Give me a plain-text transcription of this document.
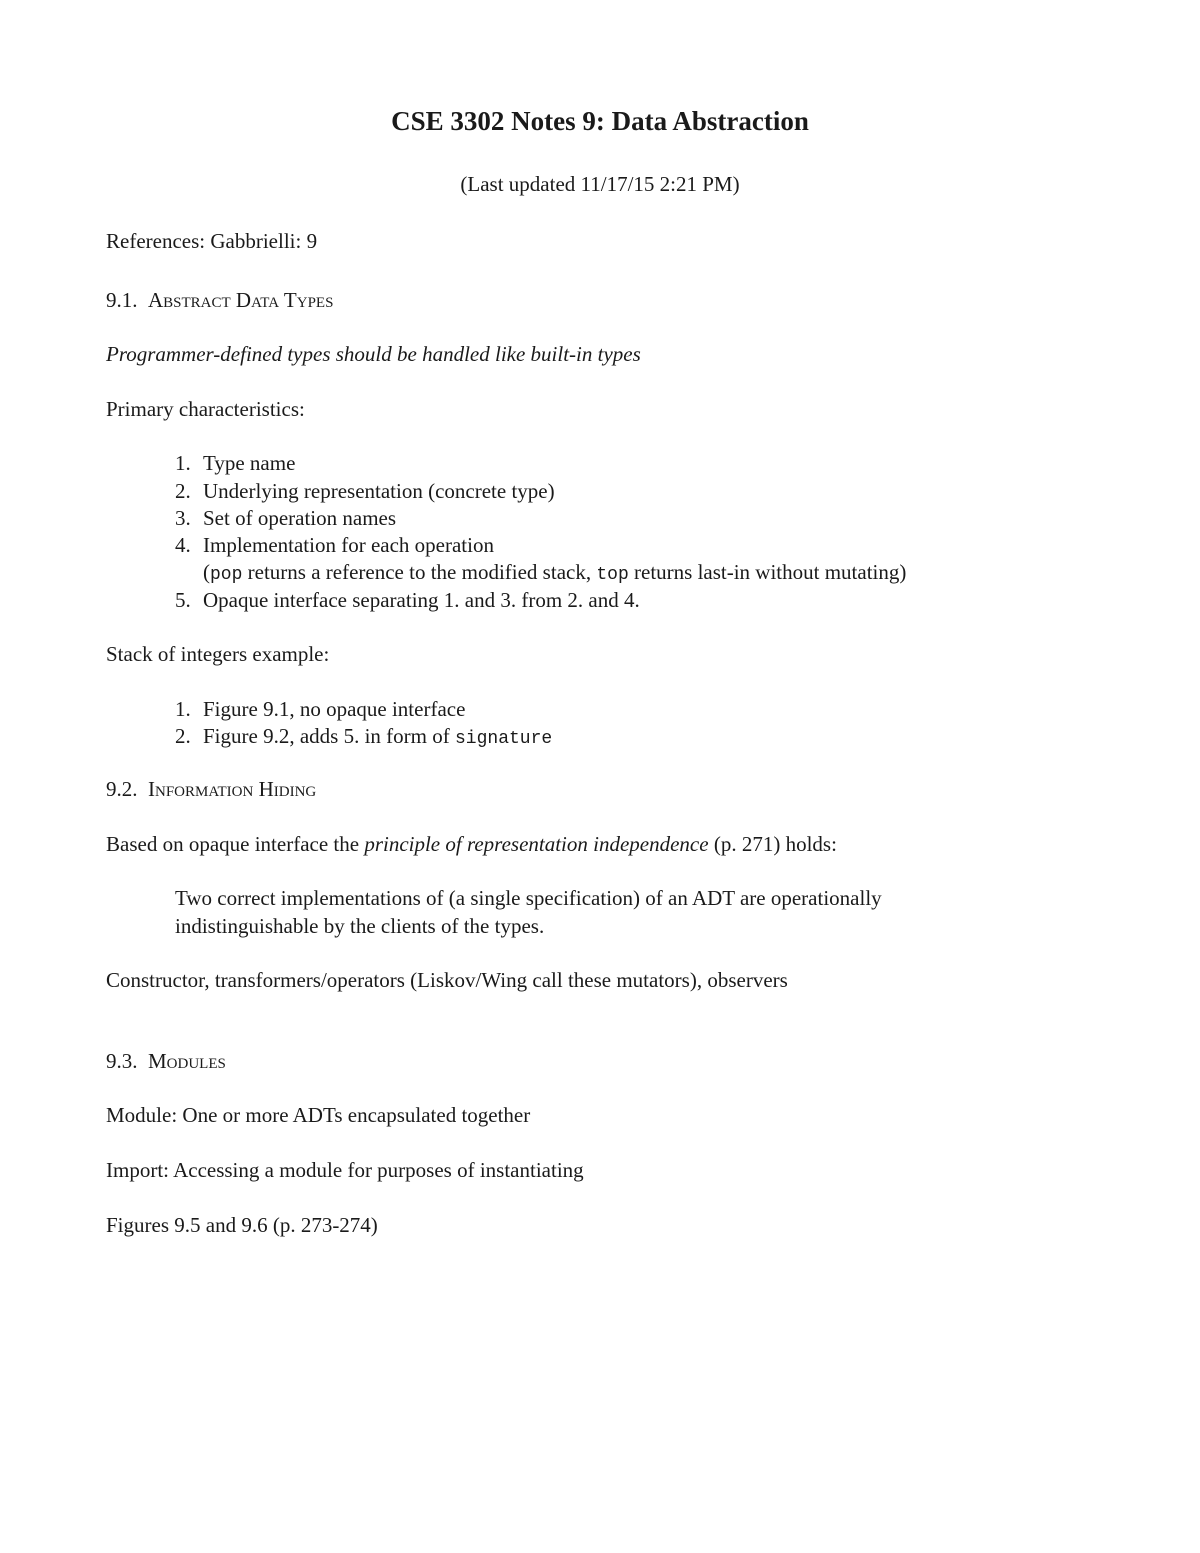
CSE 3302 Notes 9: Data Abstraction
(Last updated 11/17/15 2:21 PM)
References: Gabbrielli: 9
9.1. Abstract Data Types
Programmer-defined types should be handled like built-in types
Primary characteristics:
1. Type name
2. Underlying representation (concrete type)
3. Set of operation names
4. Implementation for each operation
(pop returns a reference to the modified stack, top returns last-in without mutating)
5. Opaque interface separating 1. and 3. from 2. and 4.
Stack of integers example:
1. Figure 9.1, no opaque interface
2. Figure 9.2, adds 5. in form of signature
9.2. Information Hiding
Based on opaque interface the principle of representation independence (p. 271) holds:
Two correct implementations of (a single specification) of an ADT are operationally
indistinguishable by the clients of the types.
Constructor, transformers/operators (Liskov/Wing call these mutators), observers
9.3. Modules
Module: One or more ADTs encapsulated together
Import: Accessing a module for purposes of instantiating
Figures 9.5 and 9.6 (p. 273-274)
